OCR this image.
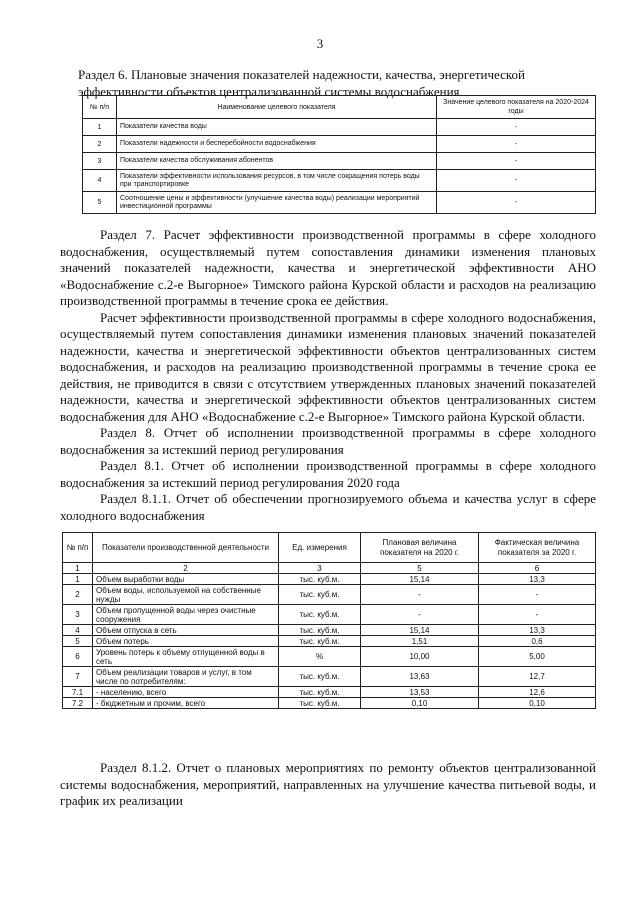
3
Раздел 6. Плановые значения показателей надежности, качества, энергетической эффективности объектов централизованной системы водоснабжения
№ п/п	Наименование целевого показателя	Значение целевого показателя на 2020-2024 годы
1	Показатели качества воды	-
2	Показатели надежности и бесперебойности водоснабжения	-
3	Показатели качества обслуживания абонентов	-
4	Показатели эффективности использования ресурсов, в том числе сокращения потерь воды при транспортировке	-
5	Соотношение цены и эффективности (улучшение качества воды) реализации мероприятий инвестиционной программы	-

Раздел 7. Расчет эффективности производственной программы в сфере холодного водоснабжения, осуществляемый путем сопоставления динамики изменения плановых значений показателей надежности, качества и энергетической эффективности АНО «Водоснабжение с.2-е Выгорное» Тимского района Курской области и расходов на реализацию производственной программы в течение срока ее действия.

Расчет эффективности производственной программы в сфере холодного водоснабжения, осуществляемый путем сопоставления динамики изменения плановых значений показателей надежности, качества и энергетической эффективности объектов централизованных систем водоснабжения, и расходов на реализацию производственной программы в течение срока ее действия, не приводится в связи с отсутствием утвержденных плановых значений показателей надежности, качества и энергетической эффективности объектов централизованных систем водоснабжения для АНО «Водоснабжение с.2-е Выгорное» Тимского района Курской области.

Раздел 8. Отчет об исполнении производственной программы в сфере холодного водоснабжения за истекший период регулирования

Раздел 8.1. Отчет об исполнении производственной программы в сфере холодного водоснабжения за истекший период регулирования 2020 года

Раздел 8.1.1. Отчет об обеспечении прогнозируемого объема и качества услуг в сфере холодного водоснабжения

№ п/п	Показатели производственной деятельности	Ед. измерения	Плановая величина показателя на 2020 г.	Фактическая величина показателя за 2020 г.
1	2	3	5	6
1	Объем выработки воды	тыс. куб.м.	15,14	13,3
2	Объем воды, используемой на собственные нужды	тыс. куб.м.	-	-
3	Объем пропущенной воды через очистные сооружения	тыс. куб.м.	-	-
4	Объем отпуска в сеть	тыс. куб.м.	15,14	13,3
5	Объем потерь	тыс. куб.м.	1,51	0,6
6	Уровень потерь к объему отпущенной воды в сеть	%	10,00	5,00
7	Объем реализации товаров и услуг, в том числе по потребителям:	тыс. куб.м.	13,63	12,7
7.1	- населению, всего	тыс. куб.м.	13,53	12,6
7.2	- бюджетным и прочим, всего	тыс. куб.м.	0,10	0,10

Раздел 8.1.2. Отчет о плановых мероприятиях по ремонту объектов централизованной системы водоснабжения, мероприятий, направленных на улучшение качества питьевой воды, и график их реализации
